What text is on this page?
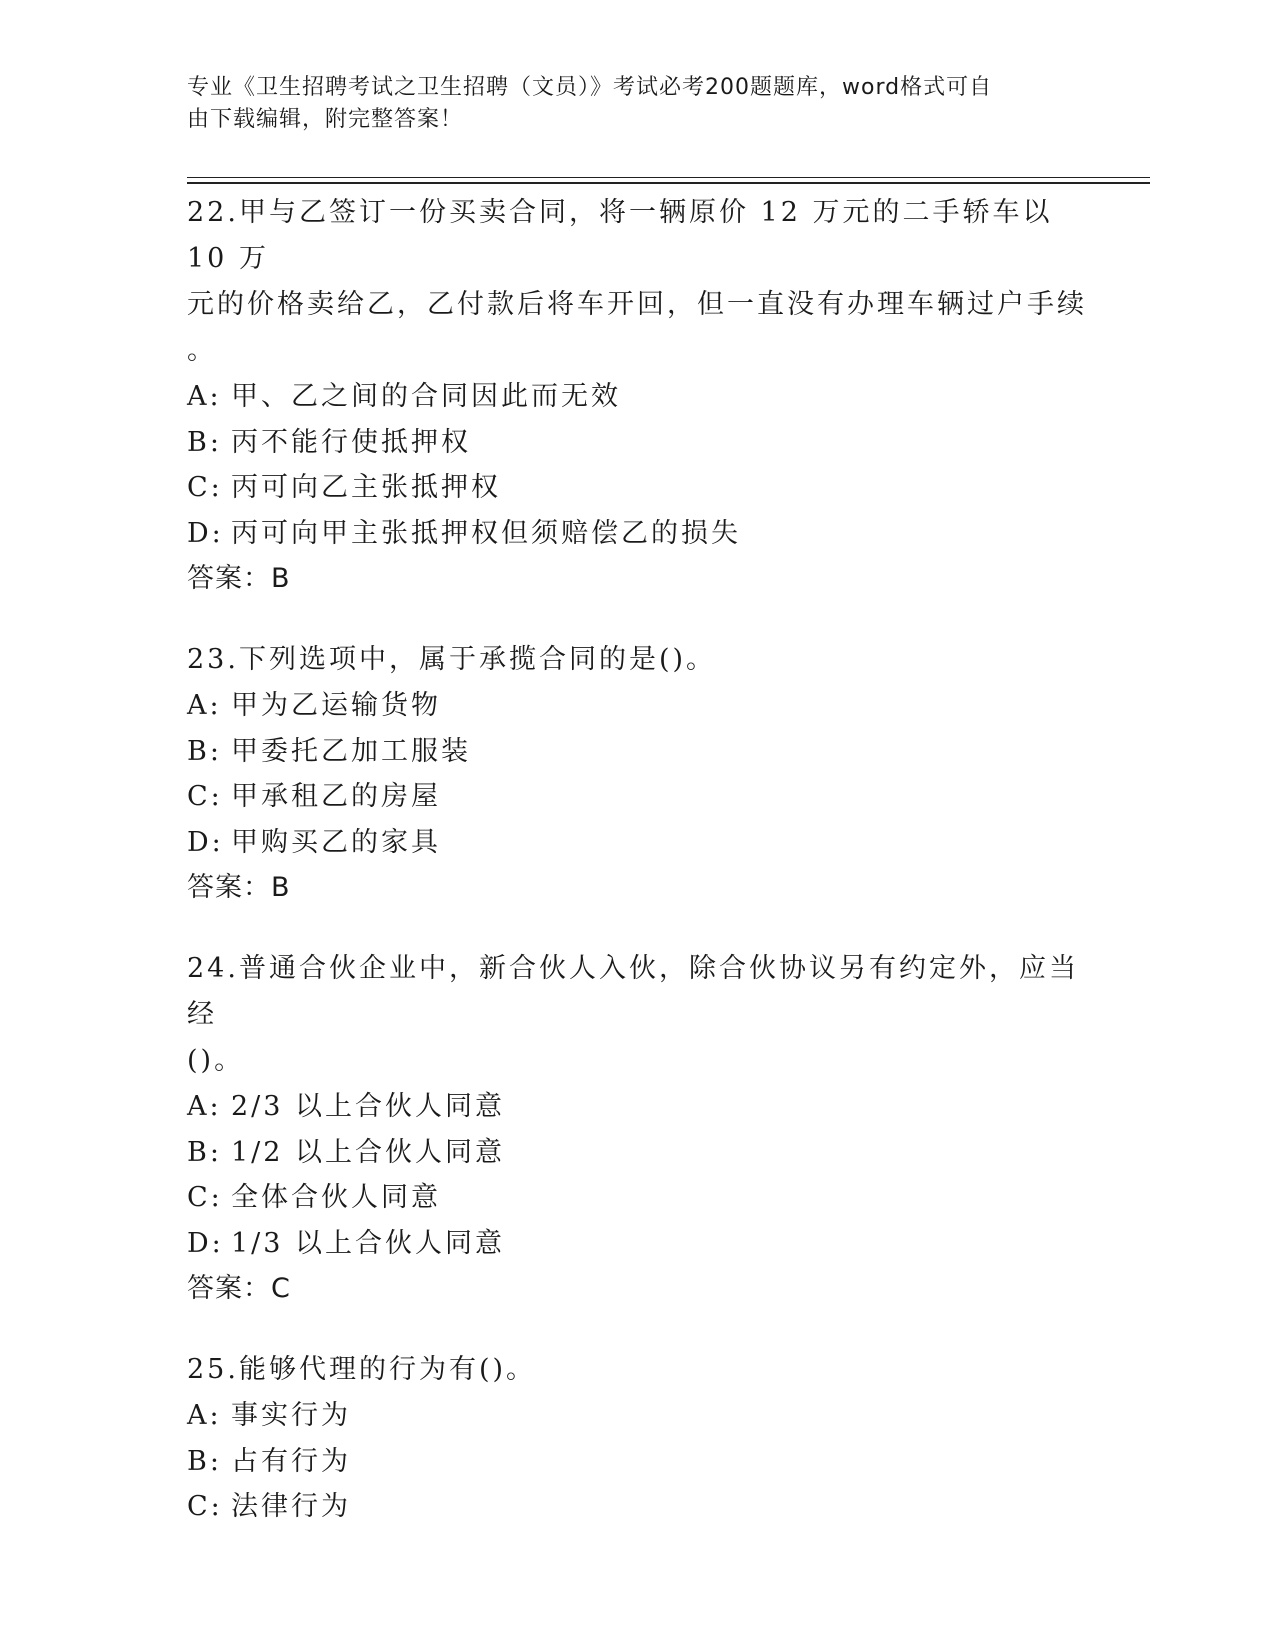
专业《卫生招聘考试之卫生招聘（文员）》考试必考200题题库，word格式可自
由下载编辑，附完整答案！
22.甲与乙签订一份买卖合同，将一辆原价 12 万元的二手轿车以 10 万
元的价格卖给乙，乙付款后将车开回，但一直没有办理车辆过户手续
。
A: 甲、乙之间的合同因此而无效
B: 丙不能行使抵押权
C: 丙可向乙主张抵押权
D: 丙可向甲主张抵押权但须赔偿乙的损失
答案：B
23.下列选项中，属于承揽合同的是()。
A: 甲为乙运输货物
B: 甲委托乙加工服装
C: 甲承租乙的房屋
D: 甲购买乙的家具
答案：B
24.普通合伙企业中，新合伙人入伙，除合伙协议另有约定外，应当经
()。
A: 2/3 以上合伙人同意
B: 1/2 以上合伙人同意
C: 全体合伙人同意
D: 1/3 以上合伙人同意
答案：C
25.能够代理的行为有()。
A: 事实行为
B: 占有行为
C: 法律行为
